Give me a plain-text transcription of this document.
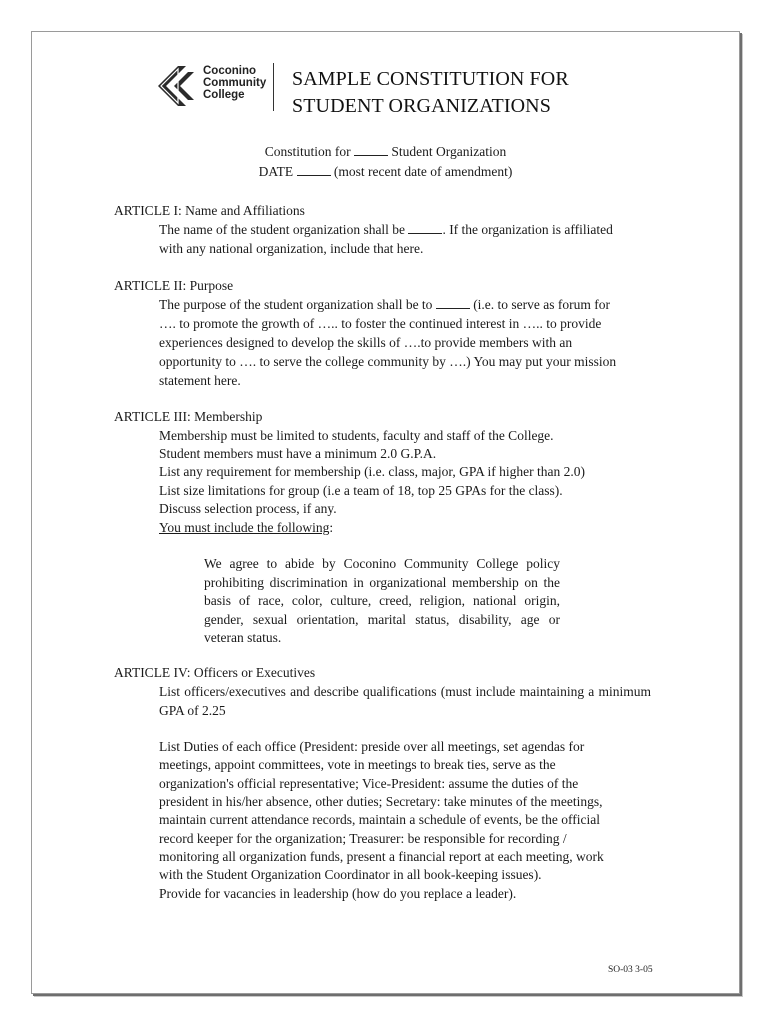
Coconino
Community
College
SAMPLE CONSTITUTION FOR
STUDENT ORGANIZATIONS
Constitution for	Student Organization
DATE	(most recent date of amendment)
ARTICLE I: Name and Affiliations
The name of the student organization shall be	. If the organization is affiliated
with any national organization, include that here.
ARTICLE II: Purpose
The purpose of the student organization shall be to	(i.e. to serve as forum for
…. to promote the growth of ….. to foster the continued interest in ….. to provide
experiences designed to develop the skills of ….to provide members with an
opportunity to …. to serve the college community by ….) You may put your mission
statement here.
ARTICLE III: Membership
Membership must be limited to students, faculty and staff of the College.
Student members must have a minimum 2.0 G.P.A.
List any requirement for membership (i.e. class, major, GPA if higher than 2.0)
List size limitations for group (i.e a team of 18, top 25 GPAs for the class).
Discuss selection process, if any.
You must include the following:
We agree to abide by Coconino Community College policy prohibiting discrimination in organizational membership on the basis of race, color, culture, creed, religion, national origin, gender, sexual orientation, marital status, disability, age or veteran status.
ARTICLE IV: Officers or Executives
List officers/executives and describe qualifications (must include maintaining a minimum GPA of 2.25
List Duties of each office (President: preside over all meetings, set agendas for
meetings, appoint committees, vote in meetings to break ties, serve as the
organization's official representative; Vice-President: assume the duties of the
president in his/her absence, other duties; Secretary: take minutes of the meetings,
maintain current attendance records, maintain a schedule of events, be the official
record keeper for the organization; Treasurer: be responsible for recording /
monitoring all organization funds, present a financial report at each meeting, work
with the Student Organization Coordinator in all book-keeping issues).
Provide for vacancies in leadership (how do you replace a leader).
SO-03 3-05
